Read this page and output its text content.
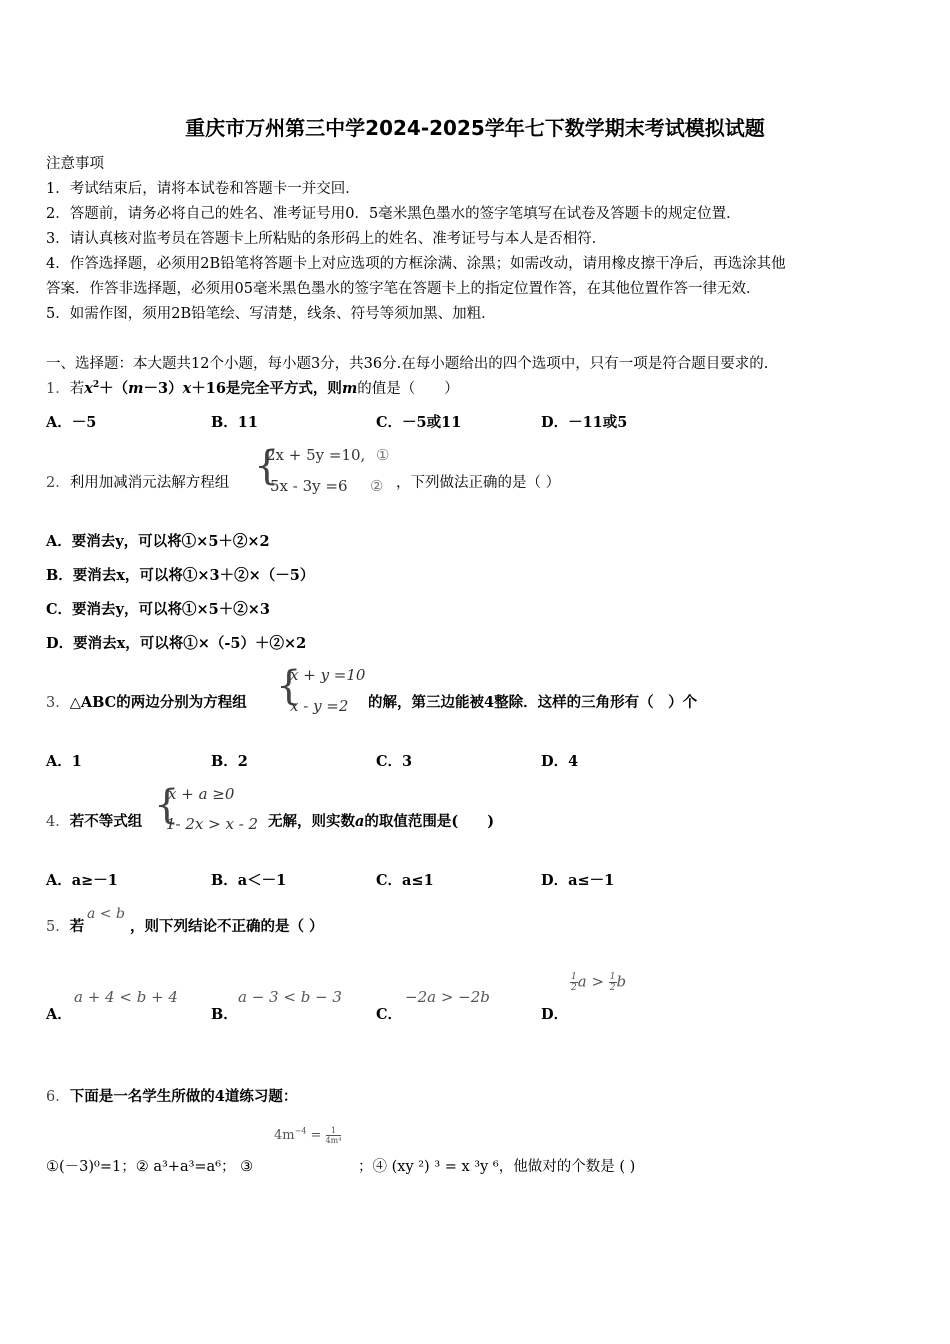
重庆市万州第三中学2024-2025学年七下数学期末考试模拟试题
注意事项
1．考试结束后，请将本试卷和答题卡一并交回．
2．答题前，请务必将自己的姓名、准考证号用0．5毫米黑色墨水的签字笔填写在试卷及答题卡的规定位置．
3．请认真核对监考员在答题卡上所粘贴的条形码上的姓名、准考证号与本人是否相符．
4．作答选择题，必须用2B铅笔将答题卡上对应选项的方框涂满、涂黑；如需改动，请用橡皮擦干净后，再选涂其他
答案．作答非选择题，必须用05毫米黑色墨水的签字笔在答题卡上的指定位置作答，在其他位置作答一律无效．
5．如需作图，须用2B铅笔绘、写清楚，线条、符号等须加黑、加粗．
一、选择题：本大题共12个小题，每小题3分，共36分.在每小题给出的四个选项中，只有一项是符合题目要求的.
1．若$x^2+(m-3)x+16$是完全平方式，则m的值是（　　）
A．－5	B．11	C．－5或11	D．－11或5
2．利用加减消元法解方程组 {
2x + 5y =10, ①
5x - 3y =6 ② ，下列做法正确的是（ ）
A．要消去y，可以将①×5＋②×2
B．要消去x，可以将①×3＋②×（－5）
C．要消去y，可以将①×5＋②×3
D．要消去x，可以将①×（-5）＋②×2
3．△ABC的两边分别为方程组 {
x + y =10
x - y =2 的解，第三边能被4整除．这样的三角形有（　）个
A．1	B．2	C．3	D．4
4．若不等式组 {
x + a ≥0
1- 2x > x - 2 无解，则实数a的取值范围是(　　)
A．a≥－1	B．a＜－1	C．a≤1	D．a≤－1
5．若
a < b
，则下列结论不正确的是（ ）
A．
a + 4 < b + 4
B．
a − 3 < b − 3
C．
−2a > −2b
D．
$\frac{1}{2}$ $a > \frac{1}{2}$ b
6．下面是一名学生所做的4道练习题：
$4m^{-4} = \frac{1}{\text{4m⁴}}$
①(－3)⁰=1；② a³+a³=a⁶； ③	；④ (xy ²) ³ = x ³y ⁶，他做对的个数是 ( )
